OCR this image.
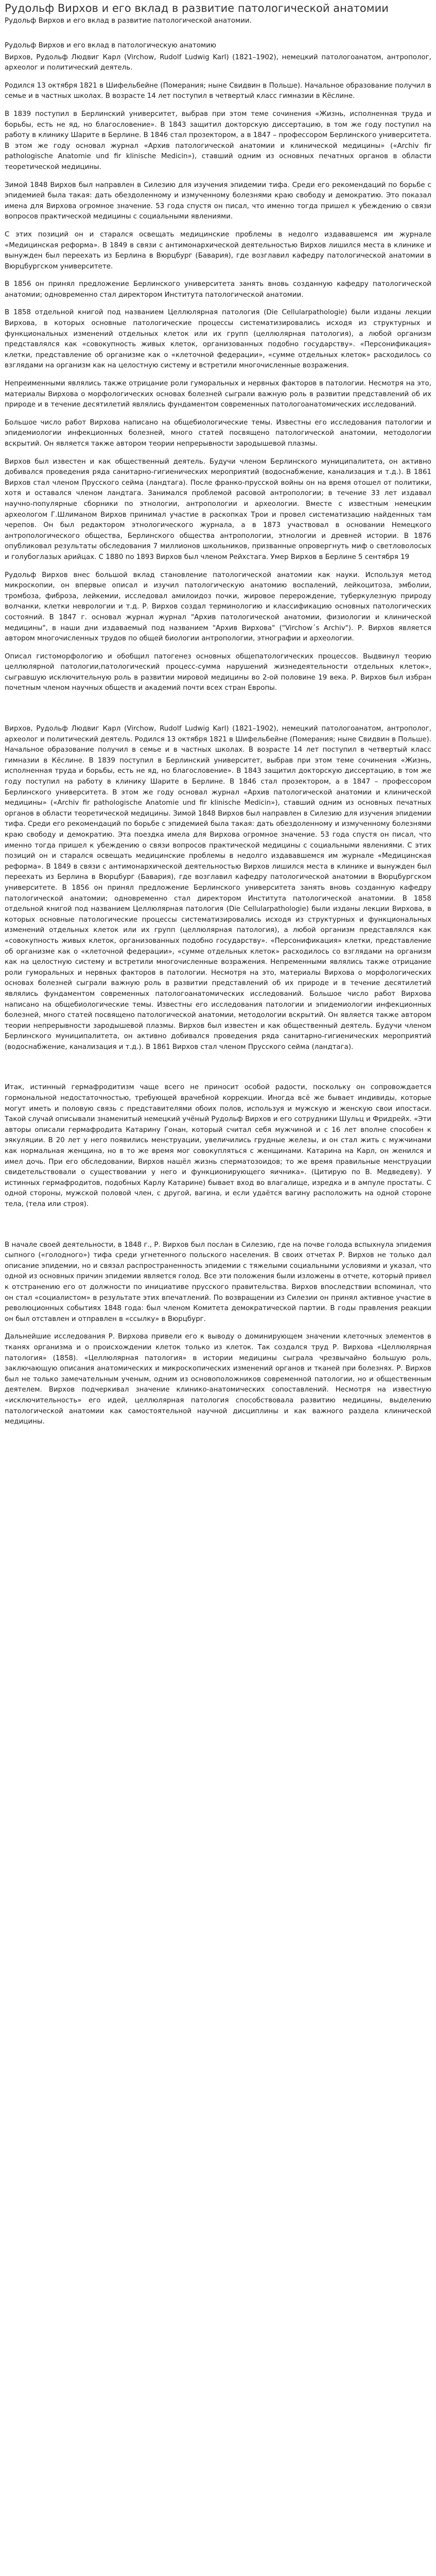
Рудольф Вирхов и его вклад в развитие патологической анатомии
Рудольф Вирхов и его вклад в развитие патологической анатомии.
Рудольф Вирхов и его вклад в патологическую анатомию

Вирхов, Рудольф Людвиг Карл (Virchow, Rudolf Ludwig Karl) (1821–1902), немецкий патологоанатом, антрополог, археолог и политический деятель.

Родился 13 октября 1821 в Шифельбейне (Померания; ныне Свидвин в Польше). Начальное образование получил в семье и в частных школах. В возрасте 14 лет поступил в четвертый класс гимназии в Кёслине.

В 1839 поступил в Берлинский университет, выбрав при этом теме сочинения «Жизнь, исполненная труда и борьбы, есть не яд, но благословение». В 1843 защитил докторскую диссертацию, в том же году поступил на работу в клинику Шарите в Берлине. В 1846 стал прозектором, а в 1847 – профессором Берлинского университета. В этом же году основал журнал «Архив патологической анатомии и клинической медицины» («Archiv fir pathologische Anatomie und fir klinische Medicin»), ставший одним из основных печатных органов в области теоретической медицины.

Зимой 1848 Вирхов был направлен в Силезию для изучения эпидемии тифа. Среди его рекомендаций по борьбе с эпидемией была такая: дать обездоленному и измученному болезнями краю свободу и демократию. Это показал имена для Вирхова огромное значение. 53 года спустя он писал, что именно тогда пришел к убеждению о связи вопросов практической медицины с социальными явлениями.

С этих позиций он и старался освещать медицинские проблемы в недолго издававшемся им журнале «Медицинская реформа». В 1849 в связи с антимонархической деятельностью Вирхов лишился места в клинике и вынужден был переехать из Берлина в Вюрцбург (Бавария), где возглавил кафедру патологической анатомии в Вюрцбургском университете.

В 1856 он принял предложение Берлинского университета занять вновь созданную кафедру патологической анатомии; одновременно стал директором Института патологической анатомии.

В 1858 отдельной книгой под названием Целлюлярная патология (Die Cellularpathologie) были изданы лекции Вирхова, в которых основные патологические процессы систематизировались исходя из структурных и функциональных изменений отдельных клеток или их групп (целлюлярная патология), а любой организм представлялся как «совокупность живых клеток, организованных подобно государству». «Персонификация» клетки, представление об организме как о «клеточной федерации», «сумме отдельных клеток» расходилось со взглядами на организм как на целостную систему и встретили многочисленные возражения.

Непреименными являлись также отрицание роли гуморальных и нервных факторов в патологии. Несмотря на это, материалы Вирхова о морфологических основах болезней сыграли важную роль в развитии представлений об их природе и в течение десятилетий являлись фундаментом современных патологоанатомических исследований.

Большое число работ Вирхова написано на общебиологические темы. Известны его исследования патологии и эпидемиологии инфекционных болезней, много статей посвящено патологической анатомии, методологии вскрытий. Он является также автором теории непрерывности зародышевой плазмы.

Вирхов был известен и как общественный деятель. Будучи членом Берлинского муниципалитета, он активно добивался проведения ряда санитарно-гигиенических мероприятий (водоснабжение, канализация и т.д.). В 1861 Вирхов стал членом Прусского сейма (ландтага). После франко-прусской войны он на время отошел от политики, хотя и оставался членом ландтага. Занимался проблемой расовой антропологии; в течение 33 лет издавал научно-популярные сборники по этнологии, антропологии и археологии. Вместе с известным немецким археологом Г.Шлиманом Вирхов принимал участие в раскопках Трои и провел систематизацию найденных там черепов. Он был редактором этнологического журнала, а в 1873 участвовал в основании Немецкого антропологического общества, Берлинского общества антропологии, этнологии и древней истории. В 1876 опубликовал результаты обследования 7 миллионов школьников, призванные опровергнуть миф о светловолосых и голубоглазых арийцах. С 1880 по 1893 Вирхов был членом Рейхстага. Умер Вирхов в Берлине 5 сентября 19

Рудольф Вирхов внес большой вклад становление патологической анатомии как науки. Используя метод микроскопии, он впервые описал и изучил патологическую анатомию воспалений, лейкоцитоза, эмболии, тромбоза, фиброза, лейкемии, исследовал амилоидоз почки, жировое перерождение, туберкулезную природу волчанки, клетки неврологии и т.д. Р. Вирхов создал терминологию и классификацию основных патологических состояний. В 1847 г. основал журнал журнал "Архив патологической анатомии, физиологии и клинической медицины", в наши дни издаваемый под названием "Архив Вирхова" ("Virchow´s Archiv"). Р. Вирхов является автором многочисленных трудов по общей биологии антропологии, этнографии и археологии.

Описал гистоморфологию и обобщил патогенез основных общепатологических процессов. Выдвинул теорию целлюлярной патологии,патологический процесс-сумма нарушений жизнедеятельности отдельных клеток», сыгравшую исключительную роль в развитии мировой медицины во 2-ой половине 19 века. Р. Вирхов был избран почетным членом научных обществ и академий почти всех стран Европы.

Вирхов, Рудольф Людвиг Карл (Virchow, Rudolf Ludwig Karl) (1821–1902), немецкий патологоанатом, антрополог, археолог и политический деятель. Родился 13 октября 1821 в Шифельбейне (Померания; ныне Свидвин в Польше). Начальное образование получил в семье и в частных школах. В возрасте 14 лет поступил в четвертый класс гимназии в Кёслине. В 1839 поступил в Берлинский университет, выбрав при этом теме сочинения «Жизнь, исполненная труда и борьбы, есть не яд, но благословение». В 1843 защитил докторскую диссертацию, в том же году поступил на работу в клинику Шарите в Берлине. В 1846 стал прозектором, а в 1847 – профессором Берлинского университета. В этом же году основал журнал «Архив патологической анатомии и клинической медицины» («Archiv fir pathologische Anatomie und fir klinische Medicin»), ставший одним из основных печатных органов в области теоретической медицины. Зимой 1848 Вирхов был направлен в Силезию для изучения эпидемии тифа. Среди его рекомендаций по борьбе с эпидемией была такая: дать обездоленному и измученному болезнями краю свободу и демократию. Эта поездка имела для Вирхова огромное значение. 53 года спустя он писал, что именно тогда пришел к убеждению о связи вопросов практической медицины с социальными явлениями. С этих позиций он и старался освещать медицинские проблемы в недолго издававшемся им журнале «Медицинская реформа». В 1849 в связи с антимонархической деятельностью Вирхов лишился места в клинике и вынужден был переехать из Берлина в Вюрцбург (Бавария), где возглавил кафедру патологической анатомии в Вюрцбургском университете. В 1856 он принял предложение Берлинского университета занять вновь созданную кафедру патологической анатомии; одновременно стал директором Института патологической анатомии. В 1858 отдельной книгой под названием Целлюлярная патология (Die Cellularpathologie) были изданы лекции Вирхова, в которых основные патологические процессы систематизировались исходя из структурных и функциональных изменений отдельных клеток или их групп (целлюлярная патология), а любой организм представлялся как «совокупность живых клеток, организованных подобно государству». «Персонификация» клетки, представление об организме как о «клеточной федерации», «сумме отдельных клеток» расходилось со взглядами на организм как на целостную систему и встретили многочисленные возражения. Непременными являлись также отрицание роли гуморальных и нервных факторов в патологии. Несмотря на это, материалы Вирхова о морфологических основах болезней сыграли важную роль в развитии представлений об их природе и в течение десятилетий являлись фундаментом современных патологоанатомических исследований. Большое число работ Вирхова написано на общебиологические темы. Известны его исследования патологии и эпидемиологии инфекционных болезней, много статей посвящено патологической анатомии, методологии вскрытий. Он является также автором теории непрерывности зародышевой плазмы. Вирхов был известен и как общественный деятель. Будучи членом Берлинского муниципалитета, он активно добивался проведения ряда санитарно-гигиенических мероприятий (водоснабжение, канализация и т.д.). В 1861 Вирхов стал членом Прусского сейма (ландтага).

Итак, истинный гермафродитизм чаще всего не приносит особой радости, поскольку он сопровождается гормональной недостаточностью, требующей врачебной коррекции. Иногда всё же бывает индивиды, которые могут иметь и половую связь с представителями обоих полов, используя и мужскую и женскую свои ипостаси. Такой случай описывали знаменитый немецкий учёный Рудольф Вирхов и его сотрудники Шульц и Фридрейх. «Эти авторы описали гермафродита Катарину Гонан, который считал себя мужчиной и с 16 лет вполне способен к эякуляции. В 20 лет у него появились менструации, увеличились грудные железы, и он стал жить с мужчинами как нормальная женщина, но в то же время мог совокупляться с женщинами. Катарина на Карл, он женился и имел дочь. При его обследовании, Вирхов нашёл жизнь сперматозоидов; то же время правильные менструации свидетельствовали о существовании у него и функционирующего яичника». (Цитирую по В. Медведеву). У истинных гермафродитов, подобных Карлу Катарине) бывает вход во влагалище, изредка и в ампуле простаты. С одной стороны, мужской половой член, с другой, вагина, и если удаётся вагину расположить на одной стороне тела, (тела или строя).

В начале своей деятельности, в 1848 г., Р. Вирхов был послан в Силезию, где на почве голода вспыхнула эпидемия сыпного («голодного») тифа среди угнетенного польского населения. В своих отчетах Р. Вирхов не только дал описание эпидемии, но и связал распространенность эпидемии с тяжелыми социальными условиями и указал, что одной из основных причин эпидемии является голод. Все эти положения были изложены в отчете, который привел к отстранению его от должности по инициативе прусского правительства. Вирхов впоследствии вспоминал, что он стал «социалистом» в результате этих впечатлений. По возвращении из Силезии он принял активное участие в революционных событиях 1848 года: был членом Комитета демократической партии. В годы правления реакции он был отставлен и отправлен в «ссылку» в Вюрцбург.

Дальнейшие исследования Р. Вирхова привели его к выводу о доминирующем значении клеточных элементов в тканях организма и о происхождении клеток только из клеток. Так создался труд Р. Вирхова «Целлюлярная патология» (1858). «Целлюлярная патология» в истории медицины сыграла чрезвычайно большую роль, заключающую описания анатомических и микроскопических изменений органов и тканей при болезнях. Р. Вирхов был не только замечательным ученым, одним из основоположников современной патологии, но и общественным деятелем. Вирхов подчеркивал значение клинико-анатомических сопоставлений. Несмотря на известную «исключительность» его идей, целлюлярная патология способствовала развитию медицины, выделению патологической анатомии как самостоятельной научной дисциплины и как важного раздела клинической медицины.
